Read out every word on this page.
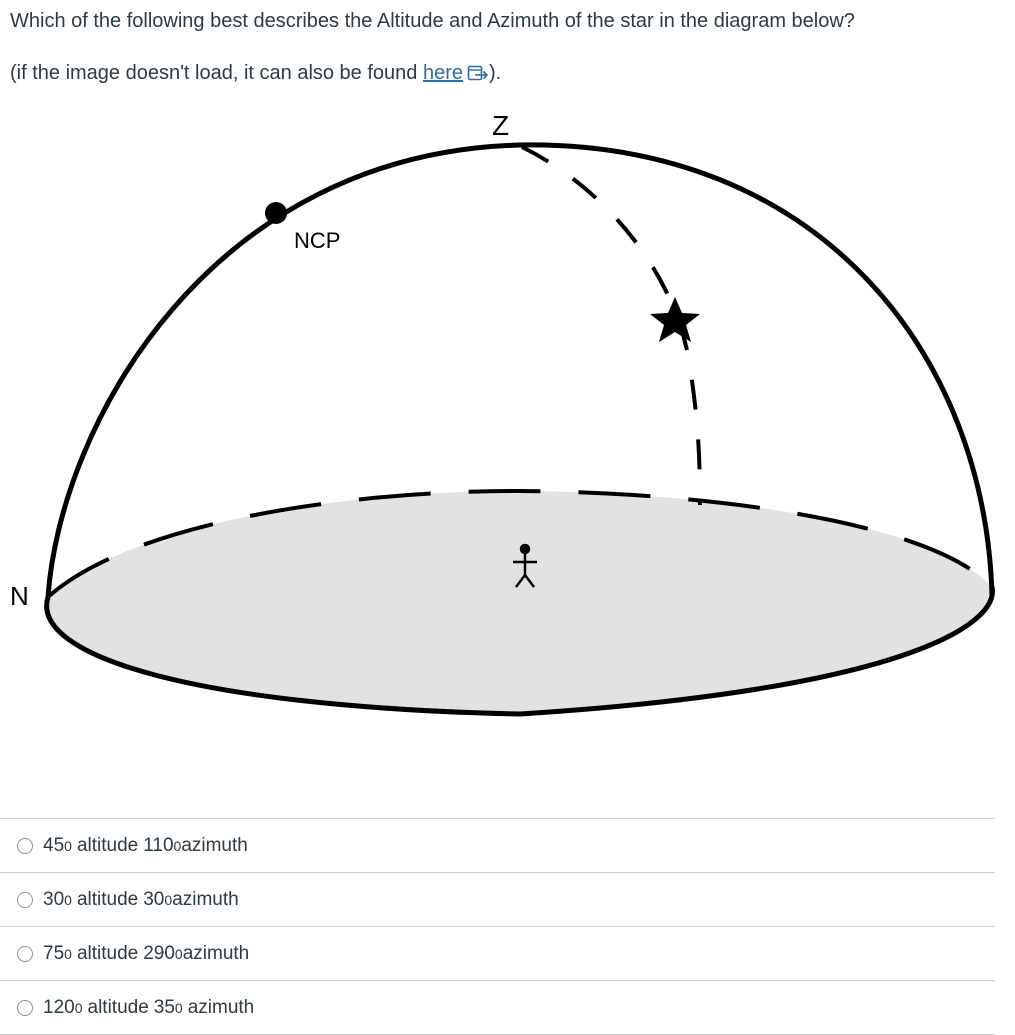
Which of the following best describes the Altitude and Azimuth of the star in the diagram below?
(if the image doesn't load, it can also be found here ).
Z
NCP
N
45 0 altitude 110 0 azimuth
30 0 altitude 30 0 azimuth
75 0 altitude 290 0 azimuth
120 0 altitude 35 0 azimuth
